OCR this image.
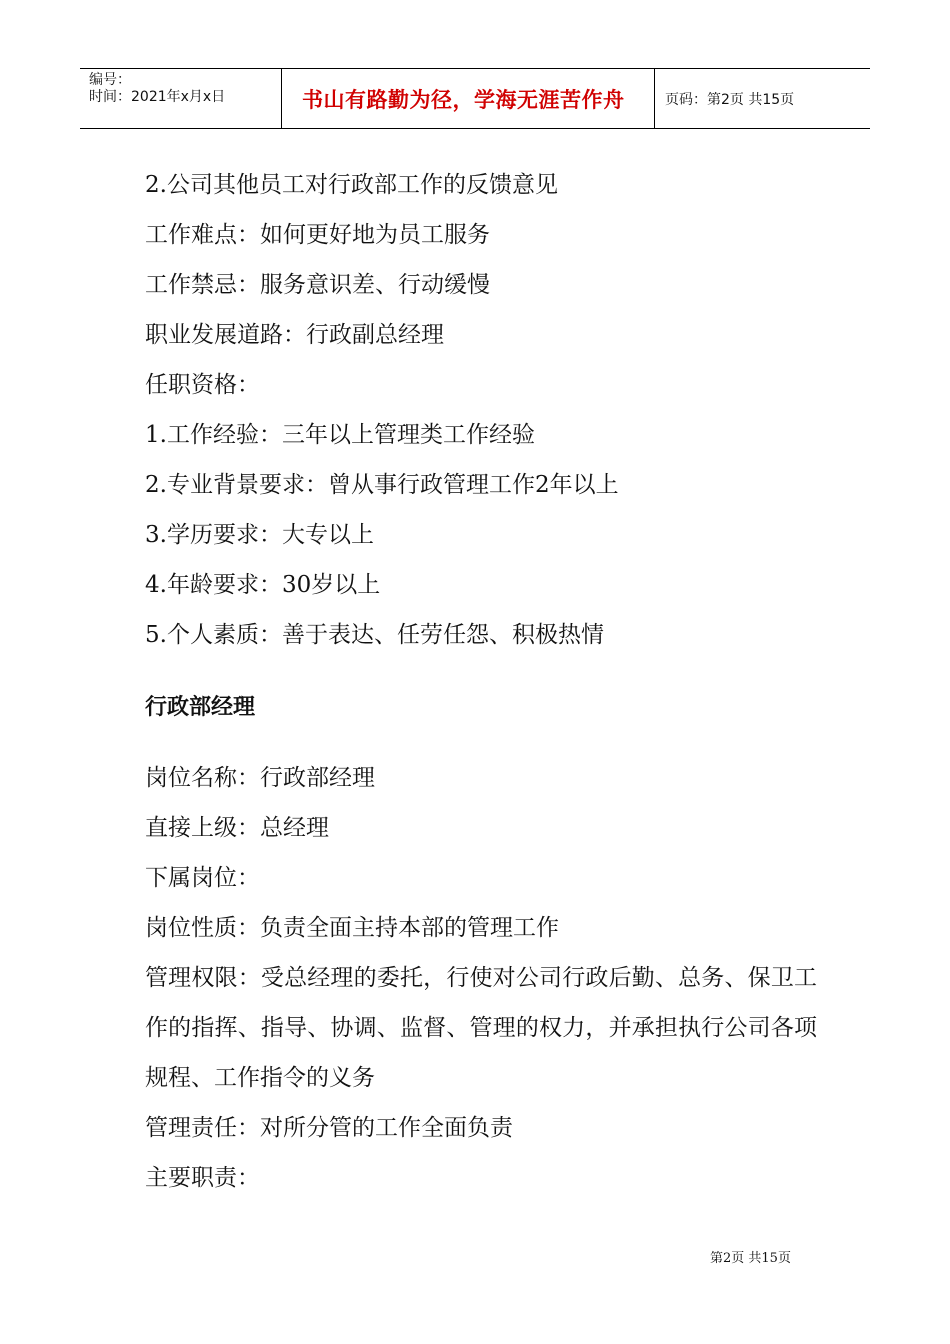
编号：
时间：2021年x月x日	书山有路勤为径，学海无涯苦作舟	页码：第2页 共15页
2.公司其他员工对行政部工作的反馈意见
工作难点：如何更好地为员工服务
工作禁忌：服务意识差、行动缓慢
职业发展道路：行政副总经理
任职资格：
1.工作经验：三年以上管理类工作经验
2.专业背景要求：曾从事行政管理工作2年以上
3.学历要求：大专以上
4.年龄要求：30岁以上
5.个人素质：善于表达、任劳任怨、积极热情
行政部经理
岗位名称：行政部经理
直接上级：总经理
下属岗位：
岗位性质：负责全面主持本部的管理工作
管理权限：受总经理的委托，行使对公司行政后勤、总务、保卫工作的指挥、指导、协调、监督、管理的权力，并承担执行公司各项规程、工作指令的义务
管理责任：对所分管的工作全面负责
主要职责：
第2页 共15页
